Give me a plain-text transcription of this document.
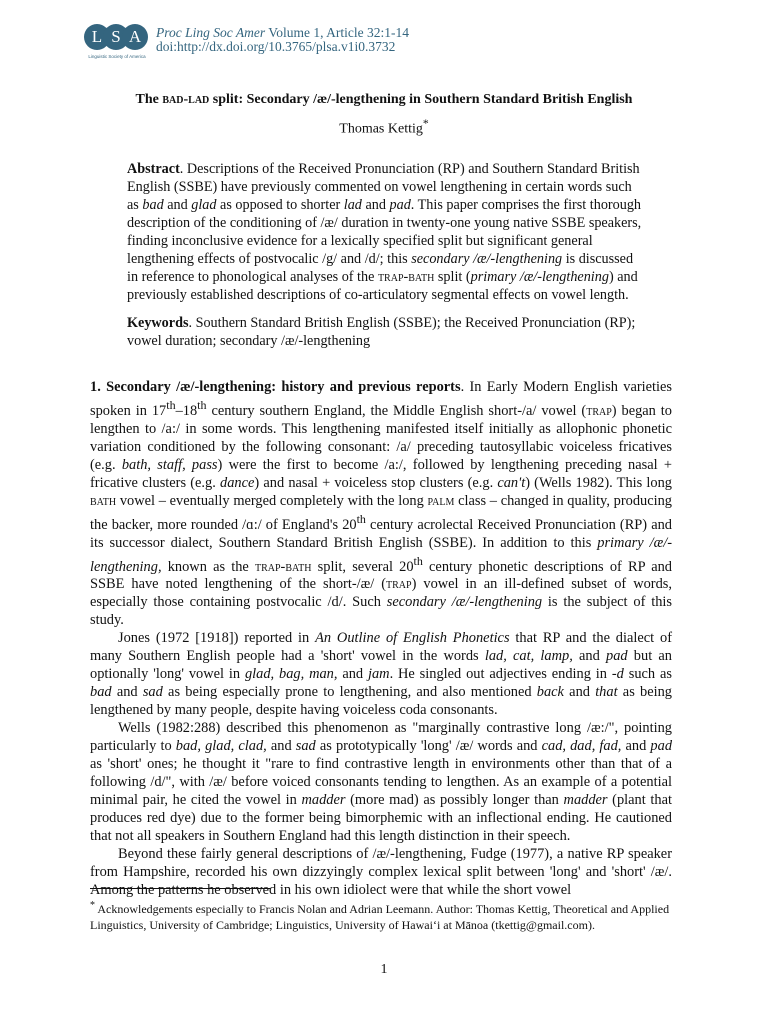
L S A
Linguistic Society of America
Proc Ling Soc Amer Volume 1, Article 32:1-14
doi:http://dx.doi.org/10.3765/plsa.v1i0.3732
The bad-lad split: Secondary /æ/-lengthening in Southern Standard British English
Thomas Kettig*

Abstract. Descriptions of the Received Pronunciation (RP) and Southern Standard British English (SSBE) have previously commented on vowel lengthening in certain words such as bad and glad as opposed to shorter lad and pad. This paper comprises the first thorough description of the conditioning of /æ/ duration in twenty-one young native SSBE speakers, finding inconclusive evidence for a lexically specified split but significant general lengthening effects of postvocalic /g/ and /d/; this secondary /æ/-lengthening is discussed in reference to phonological analyses of the trap-bath split (primary /æ/-lengthening) and previously established descriptions of co-articulatory segmental effects on vowel length.

Keywords. Southern Standard British English (SSBE); the Received Pronunciation (RP); vowel duration; secondary /æ/-lengthening

1. Secondary /æ/-lengthening: history and previous reports. In Early Modern English varieties spoken in 17th–18th century southern England, the Middle English short-/a/ vowel (trap) began to lengthen to /a:/ in some words. This lengthening manifested itself initially as allophonic phonetic variation conditioned by the following consonant: /a/ preceding tautosyllabic voiceless fricatives (e.g. bath, staff, pass) were the first to become /a:/, followed by lengthening preceding nasal + fricative clusters (e.g. dance) and nasal + voiceless stop clusters (e.g. can't) (Wells 1982). This long bath vowel – eventually merged completely with the long palm class – changed in quality, producing the backer, more rounded /ɑ:/ of England's 20th century acrolectal Received Pronunciation (RP) and its successor dialect, Southern Standard British English (SSBE). In addition to this primary /æ/-lengthening, known as the trap-bath split, several 20th century phonetic descriptions of RP and SSBE have noted lengthening of the short-/æ/ (trap) vowel in an ill-defined subset of words, especially those containing postvocalic /d/. Such secondary /æ/-lengthening is the subject of this study.

Jones (1972 [1918]) reported in An Outline of English Phonetics that RP and the dialect of many Southern English people had a 'short' vowel in the words lad, cat, lamp, and pad but an optionally 'long' vowel in glad, bag, man, and jam. He singled out adjectives ending in -d such as bad and sad as being especially prone to lengthening, and also mentioned back and that as being lengthened by many people, despite having voiceless coda consonants.

Wells (1982:288) described this phenomenon as "marginally contrastive long /æ:/", pointing particularly to bad, glad, clad, and sad as prototypically 'long' /æ/ words and cad, dad, fad, and pad as 'short' ones; he thought it "rare to find contrastive length in environments other than that of a following /d/", with /æ/ before voiced consonants tending to lengthen. As an example of a potential minimal pair, he cited the vowel in madder (more mad) as possibly longer than madder (plant that produces red dye) due to the former being bimorphemic with an inflectional ending. He cautioned that not all speakers in Southern England had this length distinction in their speech.

Beyond these fairly general descriptions of /æ/-lengthening, Fudge (1977), a native RP speaker from Hampshire, recorded his own dizzyingly complex lexical split between 'long' and 'short' /æ/. Among the patterns he observed in his own idiolect were that while the short vowel

* Acknowledgements especially to Francis Nolan and Adrian Leemann. Author: Thomas Kettig, Theoretical and Applied Linguistics, University of Cambridge; Linguistics, University of Hawaiʻi at Mānoa (tkettig@gmail.com).
1
